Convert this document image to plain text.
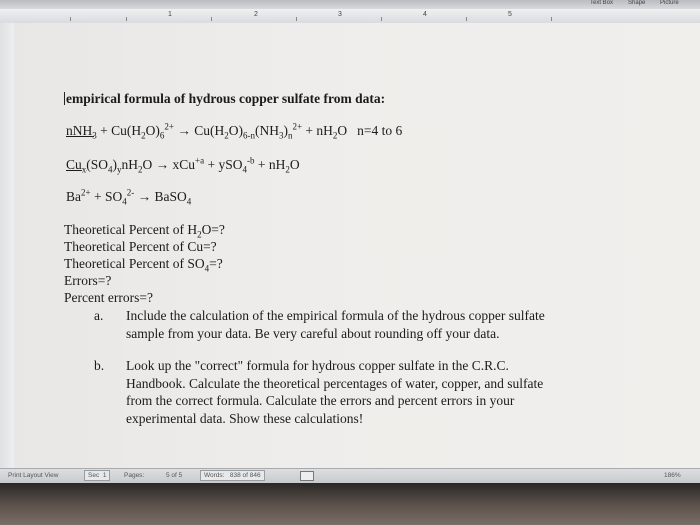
Text Box Shape Picture
1	2	3	4	5
empirical formula of hydrous copper sulfate from data:
$nNH_3 + Cu(H_2O)_6^{2+} \to Cu(H_2O)_{6-n}(NH_3)_n^{2+} + nH_2O$ n=4 to 6
$Cu_x(SO_4)_ynH_2O \to xCu^{+a} + ySO_4^{-b} + nH_2O$
$Ba^{2+} + SO_4^{2-}$ → BaSO$_4$
Theoretical Percent of $H_2O=$?
Theoretical Percent of Cu=?
Theoretical Percent of $SO_4=$?
Errors=?
Percent errors=?
a. Include the calculation of the empirical formula of the hydrous copper sulfate
sample from your data. Be very careful about rounding off your data.
b. Look up the "correct" formula for hydrous copper sulfate in the C.R.C.
Handbook. Calculate the theoretical percentages of water, copper, and sulfate
from the correct formula. Calculate the errors and percent errors in your
experimental data. Show these calculations!
Print Layout View	Sec 1	Pages:	5 of 5	Words: 838 of 846	186%
